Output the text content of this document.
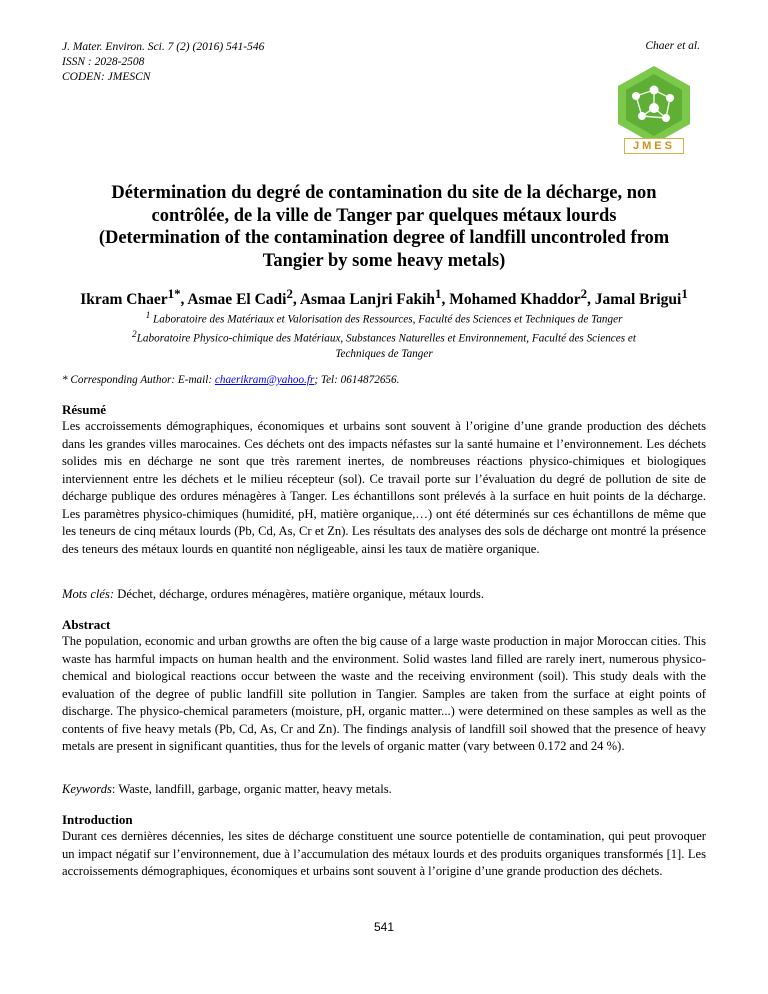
J. Mater. Environ. Sci. 7 (2) (2016) 541-546
ISSN : 2028-2508
CODEN: JMESCN
Chaer et al.
JMES
Détermination du degré de contamination du site de la décharge, non
contrôlée, de la ville de Tanger par quelques métaux lourds
(Determination of the contamination degree of landfill uncontroled from
Tangier by some heavy metals)
Ikram Chaer$^{1*}$, Asmae El Cadi$^2$, Asmaa Lanjri Fakih$^1$, Mohamed Khaddor$^2$, Jamal Brigui$^1$
$^1$ Laboratoire des Matériaux et Valorisation des Ressources, Faculté des Sciences et Techniques de Tanger
$^2$Laboratoire Physico-chimique des Matériaux, Substances Naturelles et Environnement, Faculté des Sciences et
Techniques de Tanger
* Corresponding Author: E-mail: chaerikram@yahoo.fr; Tel: 0614872656.
Résumé
Les accroissements démographiques, économiques et urbains sont souvent à l’origine d’une grande production des déchets dans les grandes villes marocaines. Ces déchets ont des impacts néfastes sur la santé humaine et l’environnement. Les déchets solides mis en décharge ne sont que très rarement inertes, de nombreuses réactions physico-chimiques et biologiques interviennent entre les déchets et le milieu récepteur (sol). Ce travail porte sur l’évaluation du degré de pollution de site de décharge publique des ordures ménagères à Tanger. Les échantillons sont prélevés à la surface en huit points de la décharge. Les paramètres physico-chimiques (humidité, pH, matière organique,…) ont été déterminés sur ces échantillons de même que les teneurs de cinq métaux lourds (Pb, Cd, As, Cr et Zn). Les résultats des analyses des sols de décharge ont montré la présence des teneurs des métaux lourds en quantité non négligeable, ainsi les taux de matière organique.
Mots clés: Déchet, décharge, ordures ménagères, matière organique, métaux lourds.
Abstract
The population, economic and urban growths are often the big cause of a large waste production in major Moroccan cities. This waste has harmful impacts on human health and the environment. Solid wastes land filled are rarely inert, numerous physico-chemical and biological reactions occur between the waste and the receiving environment (soil). This study deals with the evaluation of the degree of public landfill site pollution in Tangier. Samples are taken from the surface at eight points of discharge. The physico-chemical parameters (moisture, pH, organic matter...) were determined on these samples as well as the contents of five heavy metals (Pb, Cd, As, Cr and Zn). The findings analysis of landfill soil showed that the presence of heavy metals are present in significant quantities, thus for the levels of organic matter (vary between 0.172 and 24 %).
Keywords: Waste, landfill, garbage, organic matter, heavy metals.
Introduction
Durant ces dernières décennies, les sites de décharge constituent une source potentielle de contamination, qui peut provoquer un impact négatif sur l’environnement, due à l’accumulation des métaux lourds et des produits organiques transformés [1]. Les accroissements démographiques, économiques et urbains sont souvent à l’origine d’une grande production des déchets.
541
